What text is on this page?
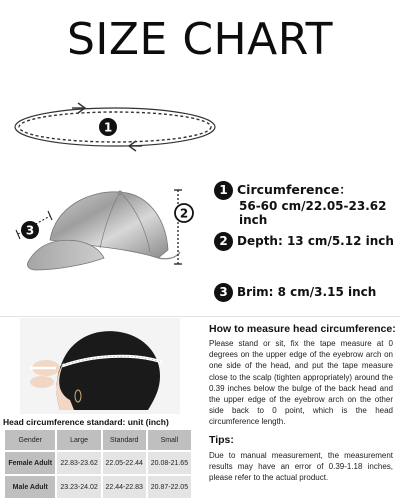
SIZE CHART
1
3
2
1 Circumference：
56-60 cm/22.05-23.62 inch
2 Depth: 13 cm/5.12 inch
3 Brim: 8 cm/3.15 inch
How to measure head circumference:
Please stand or sit, fix the tape measure at 0 degrees on the upper edge of the eyebrow arch on one side of the head, and put the tape measure close to the scalp (tighten appropriately) around the 0.39 inches below the bulge of the back head and the upper edge of the eyebrow arch on the other side back to 0 point, which is the head circumference length.
Head circumference standard: unit (inch)
Gender	Large	Standard	Small
Female Adult	22.83-23.62	22.05-22.44	20.08-21.65
Male Adult	23.23-24.02	22.44-22.83	20.87-22.05
Tips:
Due to manual measurement, the measurement results may have an error of 0.39-1.18 inches, please refer to the actual product.
